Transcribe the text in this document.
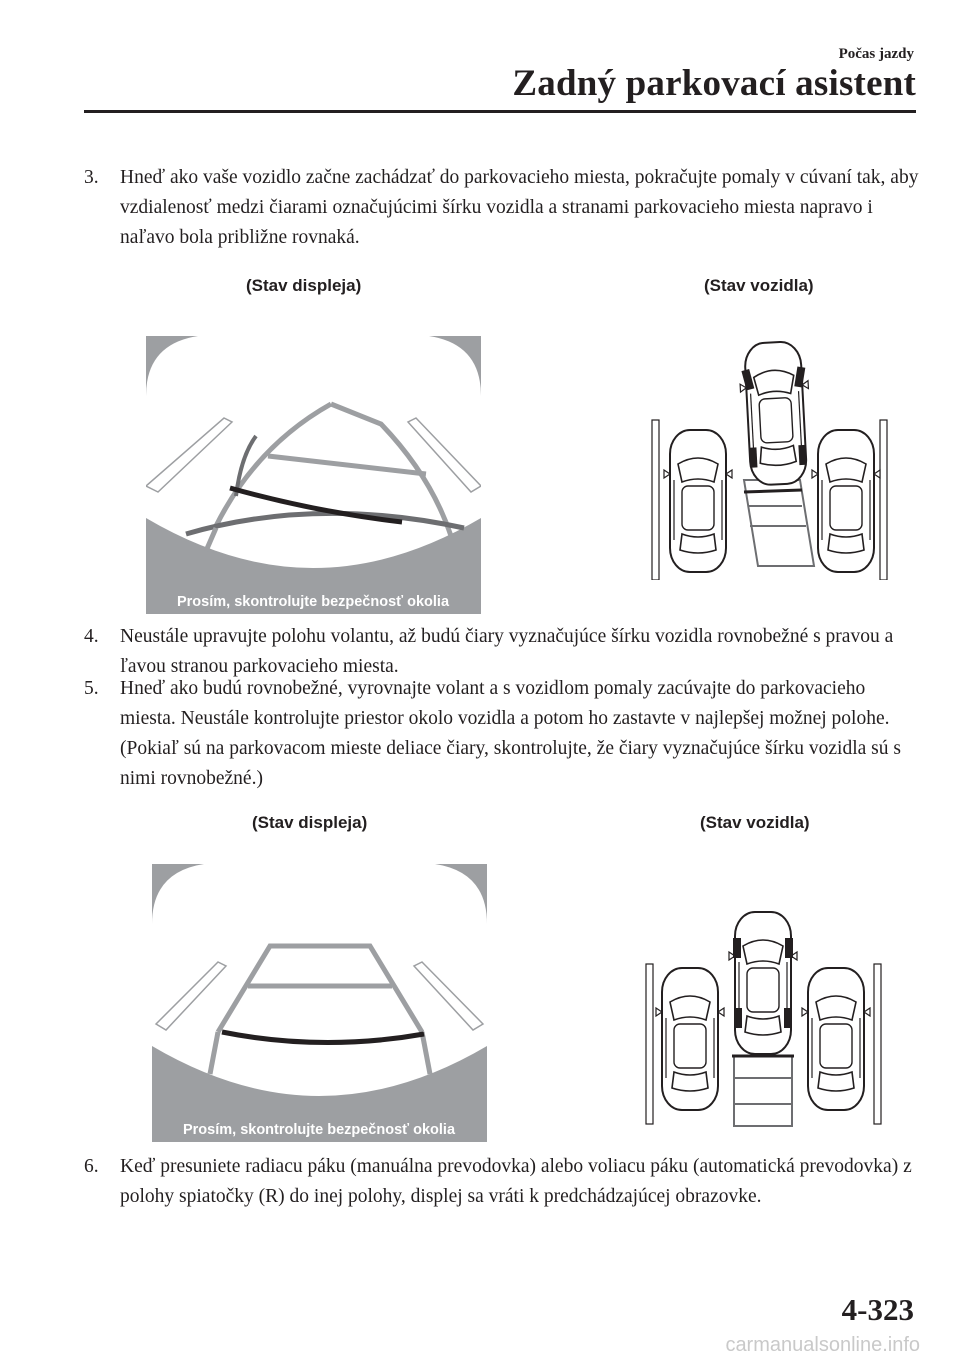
Počas jazdy
Zadný parkovací asistent
3. Hneď ako vaše vozidlo začne zachádzať do parkovacieho miesta, pokračujte pomaly v cúvaní tak, aby vzdialenosť medzi čiarami označujúcimi šírku vozidla a stranami parkovacieho miesta napravo i naľavo bola približne rovnaká.
(Stav displeja)	(Stav vozidla)
Prosím, skontrolujte bezpečnosť okolia
4. Neustále upravujte polohu volantu, až budú čiary vyznačujúce šírku vozidla rovnobežné s pravou a ľavou stranou parkovacieho miesta.
5. Hneď ako budú rovnobežné, vyrovnajte volant a s vozidlom pomaly zacúvajte do parkovacieho miesta. Neustále kontrolujte priestor okolo vozidla a potom ho zastavte v najlepšej možnej polohe. (Pokiaľ sú na parkovacom mieste deliace čiary, skontrolujte, že čiary vyznačujúce šírku vozidla sú s nimi rovnobežné.)
(Stav displeja)	(Stav vozidla)
Prosím, skontrolujte bezpečnosť okolia
6. Keď presuniete radiacu páku (manuálna prevodovka) alebo voliacu páku (automatická prevodovka) z polohy spiatočky (R) do inej polohy, displej sa vráti k predchádzajúcej obrazovke.
4-323
carmanualsonline.info
